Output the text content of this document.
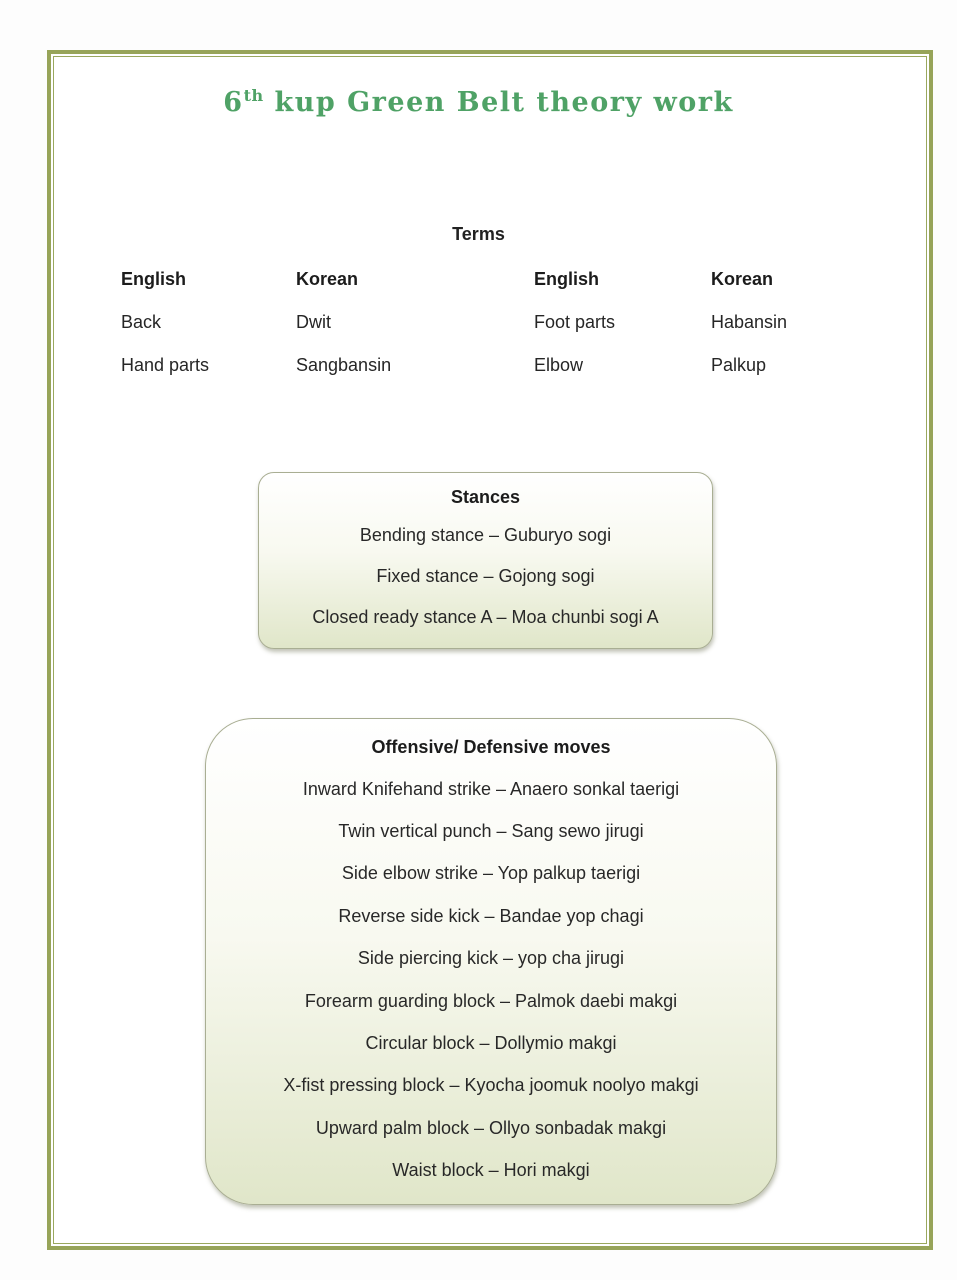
6th kup Green Belt theory work
Terms
English	Korean	English	Korean
Back	Dwit	Foot parts	Habansin
Hand parts	Sangbansin	Elbow	Palkup
Stances
Bending stance – Guburyo sogi
Fixed stance – Gojong sogi
Closed ready stance A – Moa chunbi sogi A
Offensive/ Defensive moves
Inward Knifehand strike – Anaero sonkal taerigi
Twin vertical punch – Sang sewo jirugi
Side elbow strike – Yop palkup taerigi
Reverse side kick – Bandae yop chagi
Side piercing kick – yop cha jirugi
Forearm guarding block – Palmok daebi makgi
Circular block – Dollymio makgi
X-fist pressing block – Kyocha joomuk noolyo makgi
Upward palm block – Ollyo sonbadak makgi
Waist block – Hori makgi
